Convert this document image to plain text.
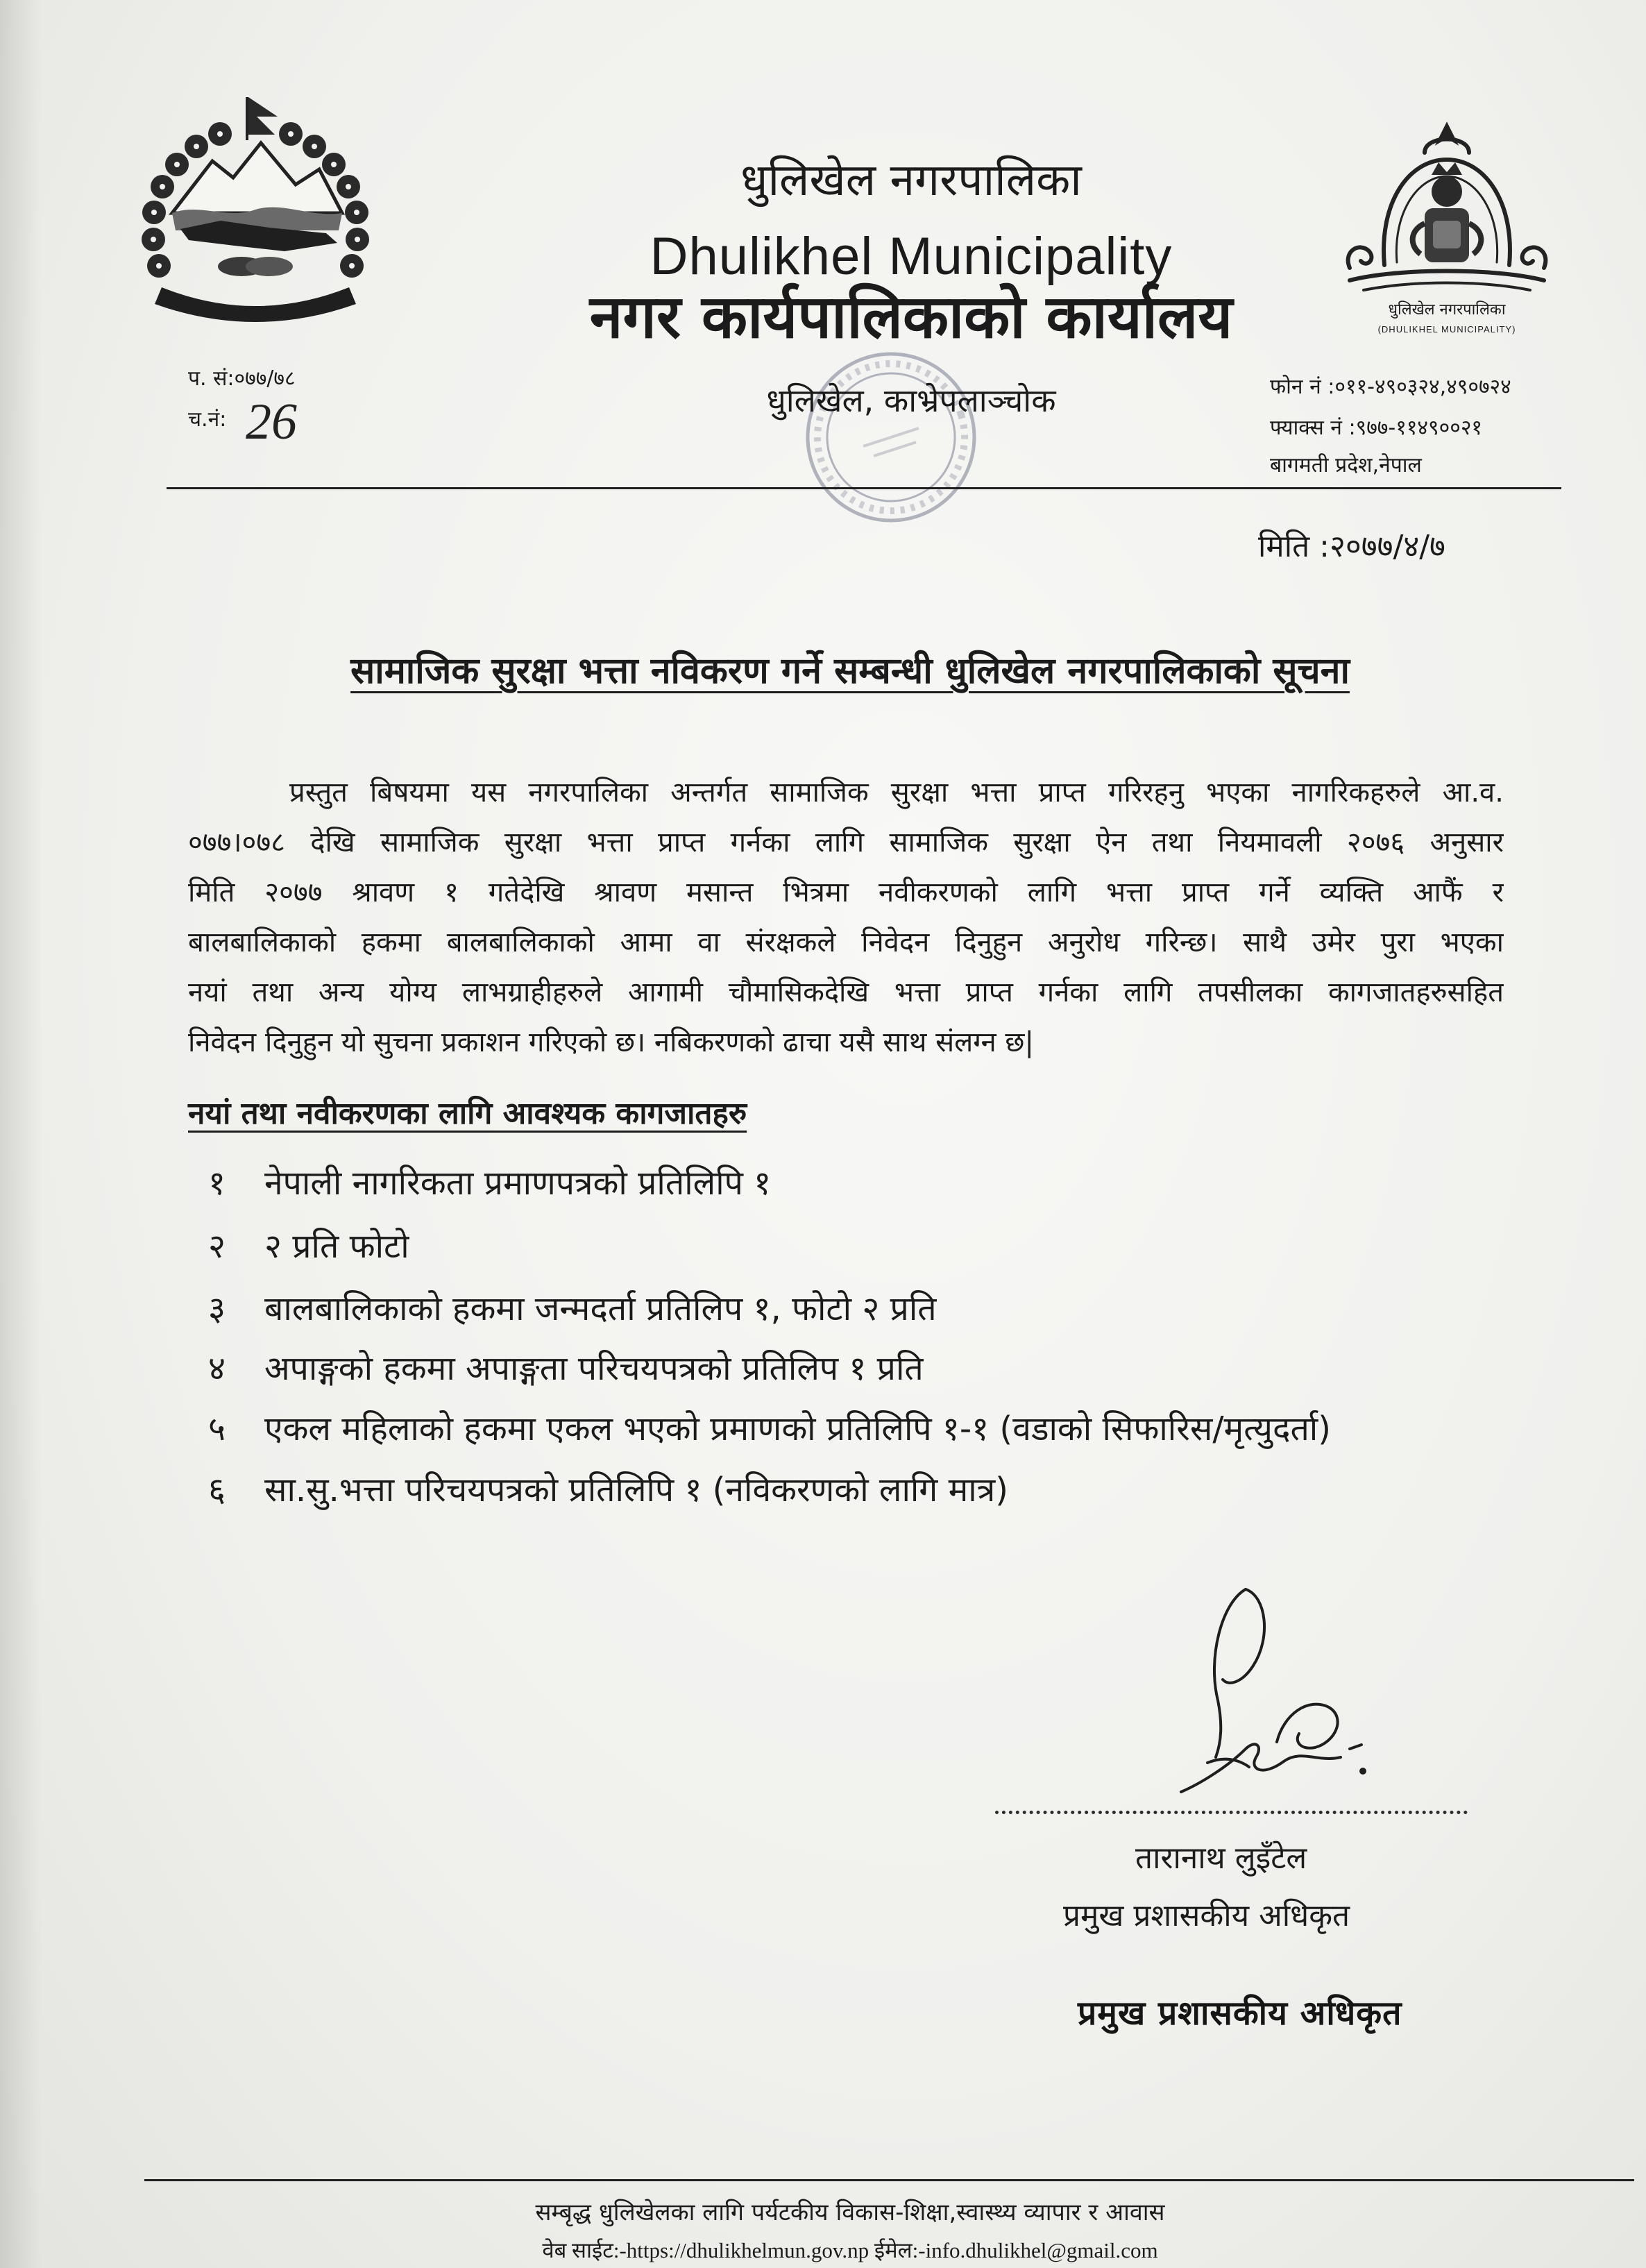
धुलिखेल नगरपालिका
Dhulikhel Municipality
नगर कार्यपालिकाको कार्यालय
धुलिखेल, काभ्रेपलाञ्चोक
धुलिखेल नगरपालिका
(DHULIKHEL MUNICIPALITY)
प. सं:०७७/७८
च.नं: 26
फोन नं :०११-४९०३२४,४९०७२४
फ्याक्स नं :९७७-११४९००२१
बागमती प्रदेश,नेपाल
मिति :२०७७/४/७
सामाजिक सुरक्षा भत्ता नविकरण गर्ने सम्बन्धी धुलिखेल नगरपालिकाको सूचना
प्रस्तुत बिषयमा यस नगरपालिका अन्तर्गत सामाजिक सुरक्षा भत्ता प्राप्त गरिरहनु भएका नागरिकहरुले आ.व.
०७७।०७८ देखि सामाजिक सुरक्षा भत्ता प्राप्त गर्नका लागि सामाजिक सुरक्षा ऐन तथा नियमावली २०७६ अनुसार
मिति २०७७ श्रावण १ गतेदेखि श्रावण मसान्त भित्रमा नवीकरणको लागि भत्ता प्राप्त गर्ने व्यक्ति आफैं र
बालबालिकाको हकमा बालबालिकाको आमा वा संरक्षकले निवेदन दिनुहुन अनुरोध गरिन्छ। साथै उमेर पुरा भएका
नयां तथा अन्य योग्य लाभग्राहीहरुले आगामी चौमासिकदेखि भत्ता प्राप्त गर्नका लागि तपसीलका कागजातहरुसहित
निवेदन दिनुहुन यो सुचना प्रकाशन गरिएको छ। नबिकरणको ढाचा यसै साथ संलग्न छ|
नयां तथा नवीकरणका लागि आवश्यक कागजातहरु
१ नेपाली नागरिकता प्रमाणपत्रको प्रतिलिपि १
२ २ प्रति फोटो
३ बालबालिकाको हकमा जन्मदर्ता प्रतिलिप १, फोटो २ प्रति
४ अपाङ्गको हकमा अपाङ्गता परिचयपत्रको प्रतिलिप १ प्रति
५ एकल महिलाको हकमा एकल भएको प्रमाणको प्रतिलिपि १-१ (वडाको सिफारिस/मृत्युदर्ता)
६ सा.सु.भत्ता परिचयपत्रको प्रतिलिपि १ (नविकरणको लागि मात्र)
तारानाथ लुइँटेल
प्रमुख प्रशासकीय अधिकृत
प्रमुख प्रशासकीय अधिकृत
सम्बृद्ध धुलिखेलका लागि पर्यटकीय विकास-शिक्षा,स्वास्थ्य व्यापार र आवास
वेब साईट:-https://dhulikhelmun.gov.np ईमेल:-info.dhulikhel@gmail.com
